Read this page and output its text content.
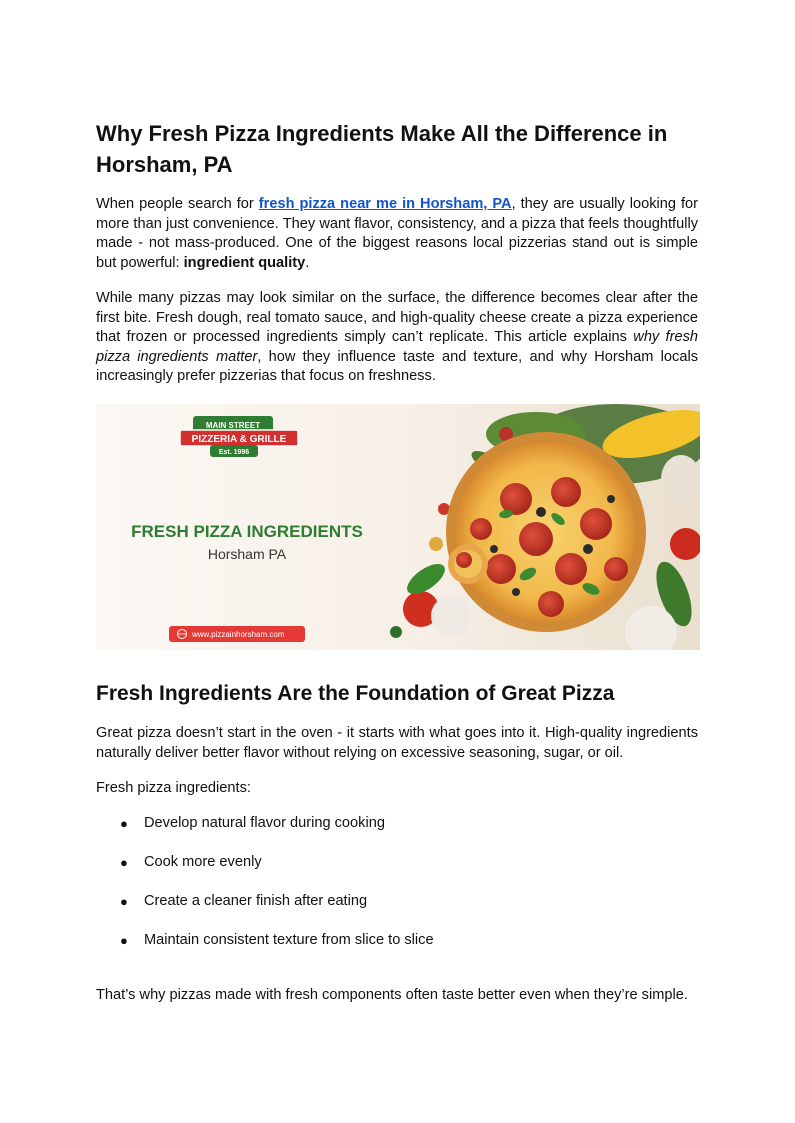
Why Fresh Pizza Ingredients Make All the Difference in Horsham, PA

When people search for fresh pizza near me in Horsham, PA, they are usually looking for more than just convenience. They want flavor, consistency, and a pizza that feels thoughtfully made - not mass-produced. One of the biggest reasons local pizzerias stand out is simple but powerful: ingredient quality.

While many pizzas may look similar on the surface, the difference becomes clear after the first bite. Fresh dough, real tomato sauce, and high-quality cheese create a pizza experience that frozen or processed ingredients simply can’t replicate. This article explains why fresh pizza ingredients matter, how they influence taste and texture, and why Horsham locals increasingly prefer pizzerias that focus on freshness.

MAIN STREET
PIZZERIA & GRILLE
Est. 1996
FRESH PIZZA INGREDIENTS
Horsham PA
www.pizzainhorsham.com
Fresh Ingredients Are the Foundation of Great Pizza

Great pizza doesn’t start in the oven - it starts with what goes into it. High-quality ingredients naturally deliver better flavor without relying on excessive seasoning, sugar, or oil.

Fresh pizza ingredients:

● Develop natural flavor during cooking
● Cook more evenly
● Create a cleaner finish after eating
● Maintain consistent texture from slice to slice

That’s why pizzas made with fresh components often taste better even when they’re simple.
